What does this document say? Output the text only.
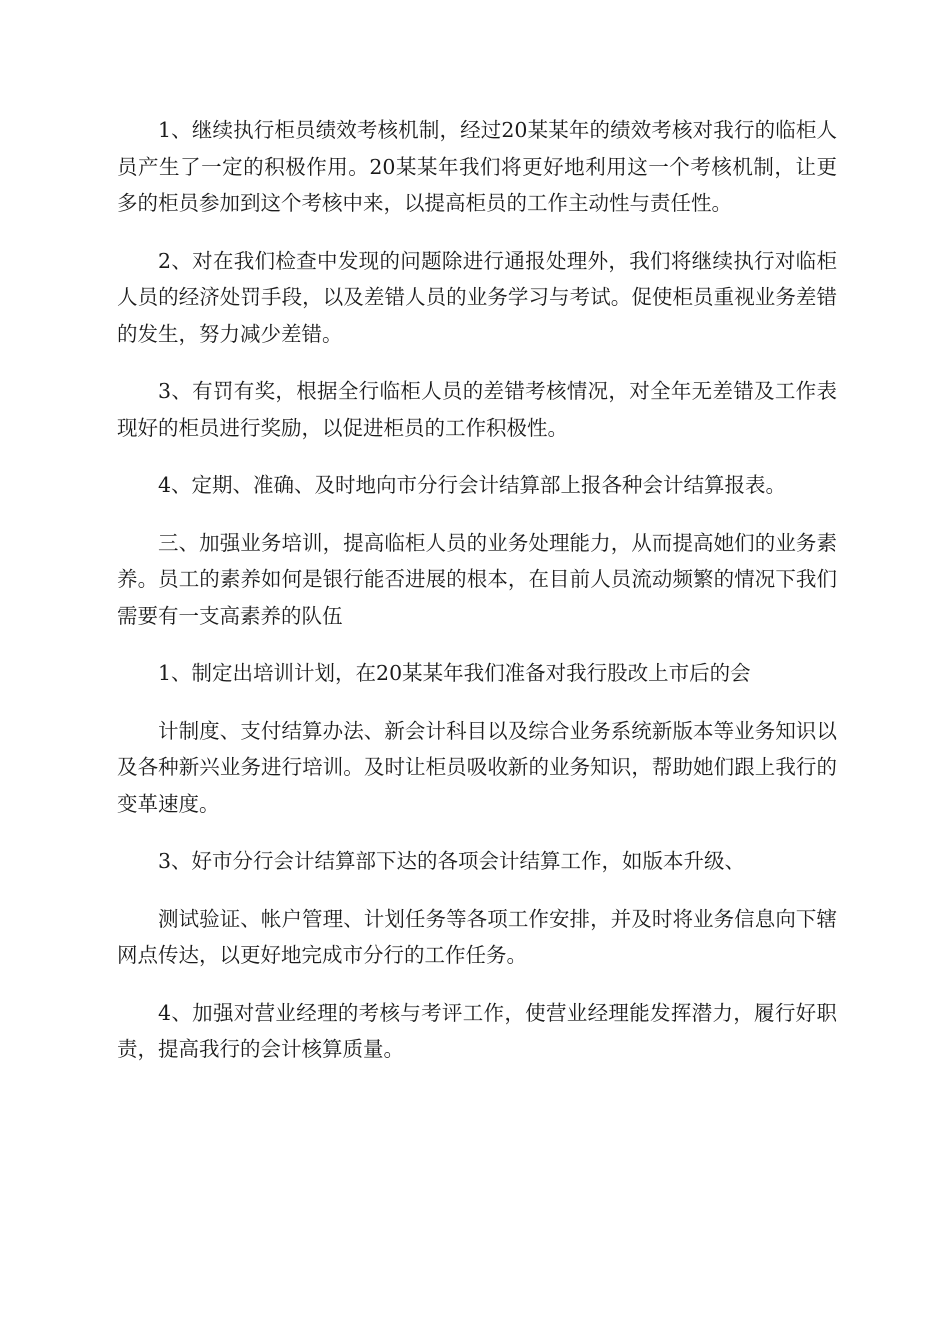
1、继续执行柜员绩效考核机制，经过20某某年的绩效考核对我行的临柜人员产生了一定的积极作用。20某某年我们将更好地利用这一个考核机制，让更多的柜员参加到这个考核中来，以提高柜员的工作主动性与责任性。

2、对在我们检查中发现的问题除进行通报处理外，我们将继续执行对临柜人员的经济处罚手段，以及差错人员的业务学习与考试。促使柜员重视业务差错的发生，努力减少差错。

3、有罚有奖，根据全行临柜人员的差错考核情况，对全年无差错及工作表现好的柜员进行奖励，以促进柜员的工作积极性。

4、定期、准确、及时地向市分行会计结算部上报各种会计结算报表。

三、加强业务培训，提高临柜人员的业务处理能力，从而提高她们的业务素养。员工的素养如何是银行能否进展的根本，在目前人员流动频繁的情况下我们需要有一支高素养的队伍

1、制定出培训计划，在20某某年我们准备对我行股改上市后的会

计制度、支付结算办法、新会计科目以及综合业务系统新版本等业务知识以及各种新兴业务进行培训。及时让柜员吸收新的业务知识，帮助她们跟上我行的变革速度。

3、好市分行会计结算部下达的各项会计结算工作，如版本升级、

测试验证、帐户管理、计划任务等各项工作安排，并及时将业务信息向下辖网点传达，以更好地完成市分行的工作任务。

4、加强对营业经理的考核与考评工作，使营业经理能发挥潜力，履行好职责，提高我行的会计核算质量。
